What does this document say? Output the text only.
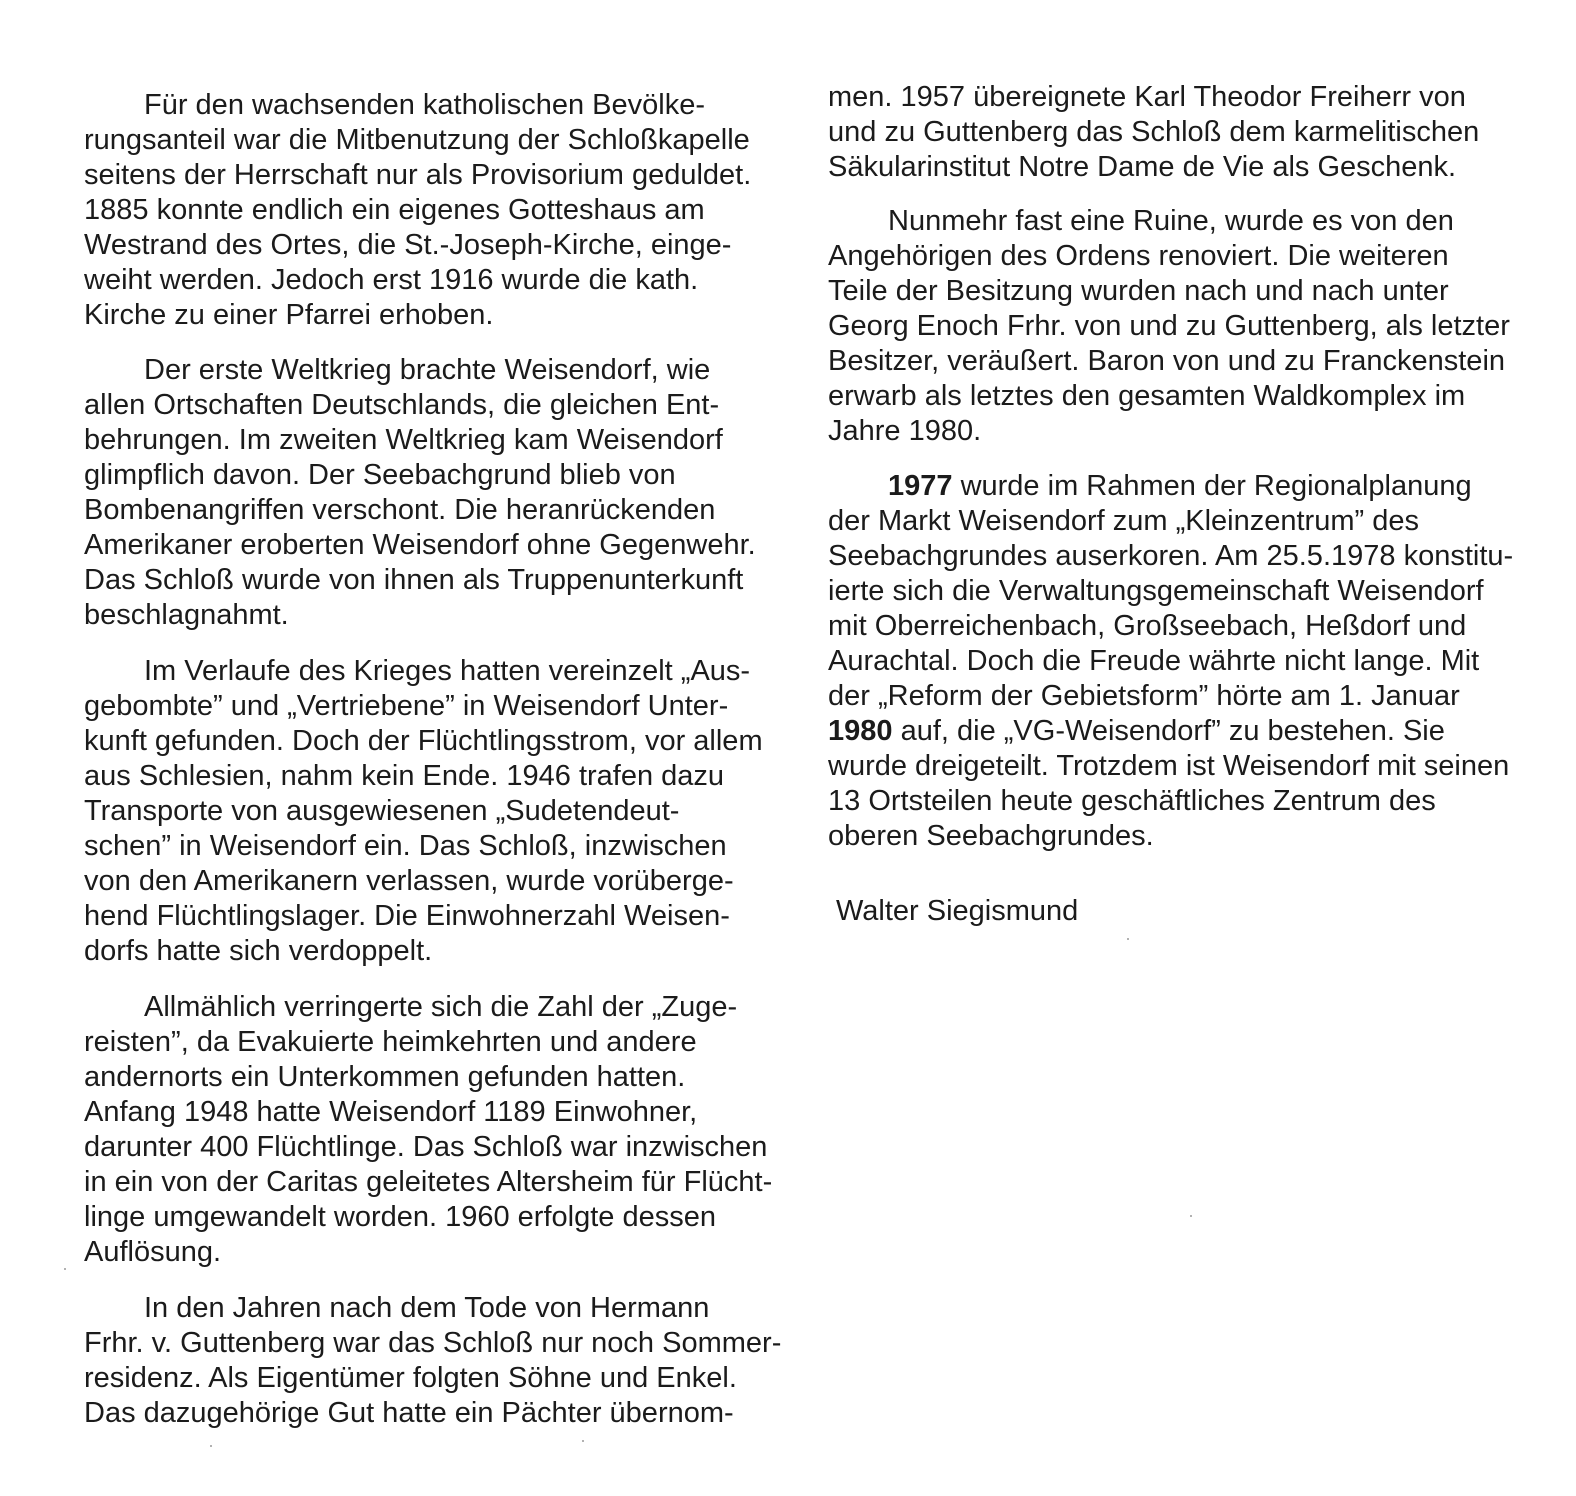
Für den wachsenden katholischen Bevölke-
rungsanteil war die Mitbenutzung der Schloßkapelle
seitens der Herrschaft nur als Provisorium geduldet.
1885 konnte endlich ein eigenes Gotteshaus am
Westrand des Ortes, die St.-Joseph-Kirche, einge-
weiht werden. Jedoch erst 1916 wurde die kath.
Kirche zu einer Pfarrei erhoben.
Der erste Weltkrieg brachte Weisendorf, wie
allen Ortschaften Deutschlands, die gleichen Ent-
behrungen. Im zweiten Weltkrieg kam Weisendorf
glimpflich davon. Der Seebachgrund blieb von
Bombenangriffen verschont. Die heranrückenden
Amerikaner eroberten Weisendorf ohne Gegenwehr.
Das Schloß wurde von ihnen als Truppenunterkunft
beschlagnahmt.
Im Verlaufe des Krieges hatten vereinzelt „Aus-
gebombte” und „Vertriebene” in Weisendorf Unter-
kunft gefunden. Doch der Flüchtlingsstrom, vor allem
aus Schlesien, nahm kein Ende. 1946 trafen dazu
Transporte von ausgewiesenen „Sudetendeut-
schen” in Weisendorf ein. Das Schloß, inzwischen
von den Amerikanern verlassen, wurde vorüberge-
hend Flüchtlingslager. Die Einwohnerzahl Weisen-
dorfs hatte sich verdoppelt.
Allmählich verringerte sich die Zahl der „Zuge-
reisten”, da Evakuierte heimkehrten und andere
andernorts ein Unterkommen gefunden hatten.
Anfang 1948 hatte Weisendorf 1189 Einwohner,
darunter 400 Flüchtlinge. Das Schloß war inzwischen
in ein von der Caritas geleitetes Altersheim für Flücht-
linge umgewandelt worden. 1960 erfolgte dessen
Auflösung.
In den Jahren nach dem Tode von Hermann
Frhr. v. Guttenberg war das Schloß nur noch Sommer-
residenz. Als Eigentümer folgten Söhne und Enkel.
Das dazugehörige Gut hatte ein Pächter übernom-
men. 1957 übereignete Karl Theodor Freiherr von
und zu Guttenberg das Schloß dem karmelitischen
Säkularinstitut Notre Dame de Vie als Geschenk.
Nunmehr fast eine Ruine, wurde es von den
Angehörigen des Ordens renoviert. Die weiteren
Teile der Besitzung wurden nach und nach unter
Georg Enoch Frhr. von und zu Guttenberg, als letzter
Besitzer, veräußert. Baron von und zu Franckenstein
erwarb als letztes den gesamten Waldkomplex im
Jahre 1980.
1977 wurde im Rahmen der Regionalplanung
der Markt Weisendorf zum „Kleinzentrum” des
Seebachgrundes auserkoren. Am 25.5.1978 konstitu-
ierte sich die Verwaltungsgemeinschaft Weisendorf
mit Oberreichenbach, Großseebach, Heßdorf und
Aurachtal. Doch die Freude währte nicht lange. Mit
der „Reform der Gebietsform” hörte am 1. Januar
1980 auf, die „VG-Weisendorf” zu bestehen. Sie
wurde dreigeteilt. Trotzdem ist Weisendorf mit seinen
13 Ortsteilen heute geschäftliches Zentrum des
oberen Seebachgrundes.
Walter Siegismund
